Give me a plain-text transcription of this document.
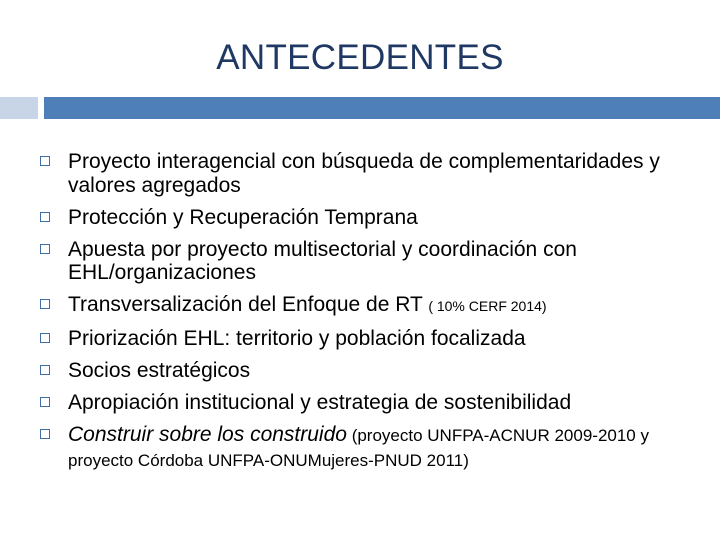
ANTECEDENTES
Proyecto interagencial con búsqueda de complementaridades y valores agregados
Protección y Recuperación Temprana
Apuesta por proyecto multisectorial y coordinación con EHL/organizaciones
Transversalización del Enfoque de RT ( 10% CERF 2014)
Priorización EHL: territorio y población focalizada
Socios estratégicos
Apropiación institucional y estrategia de sostenibilidad
Construir sobre los construido (proyecto UNFPA-ACNUR 2009-2010 y proyecto Córdoba UNFPA-ONUMujeres-PNUD 2011)
